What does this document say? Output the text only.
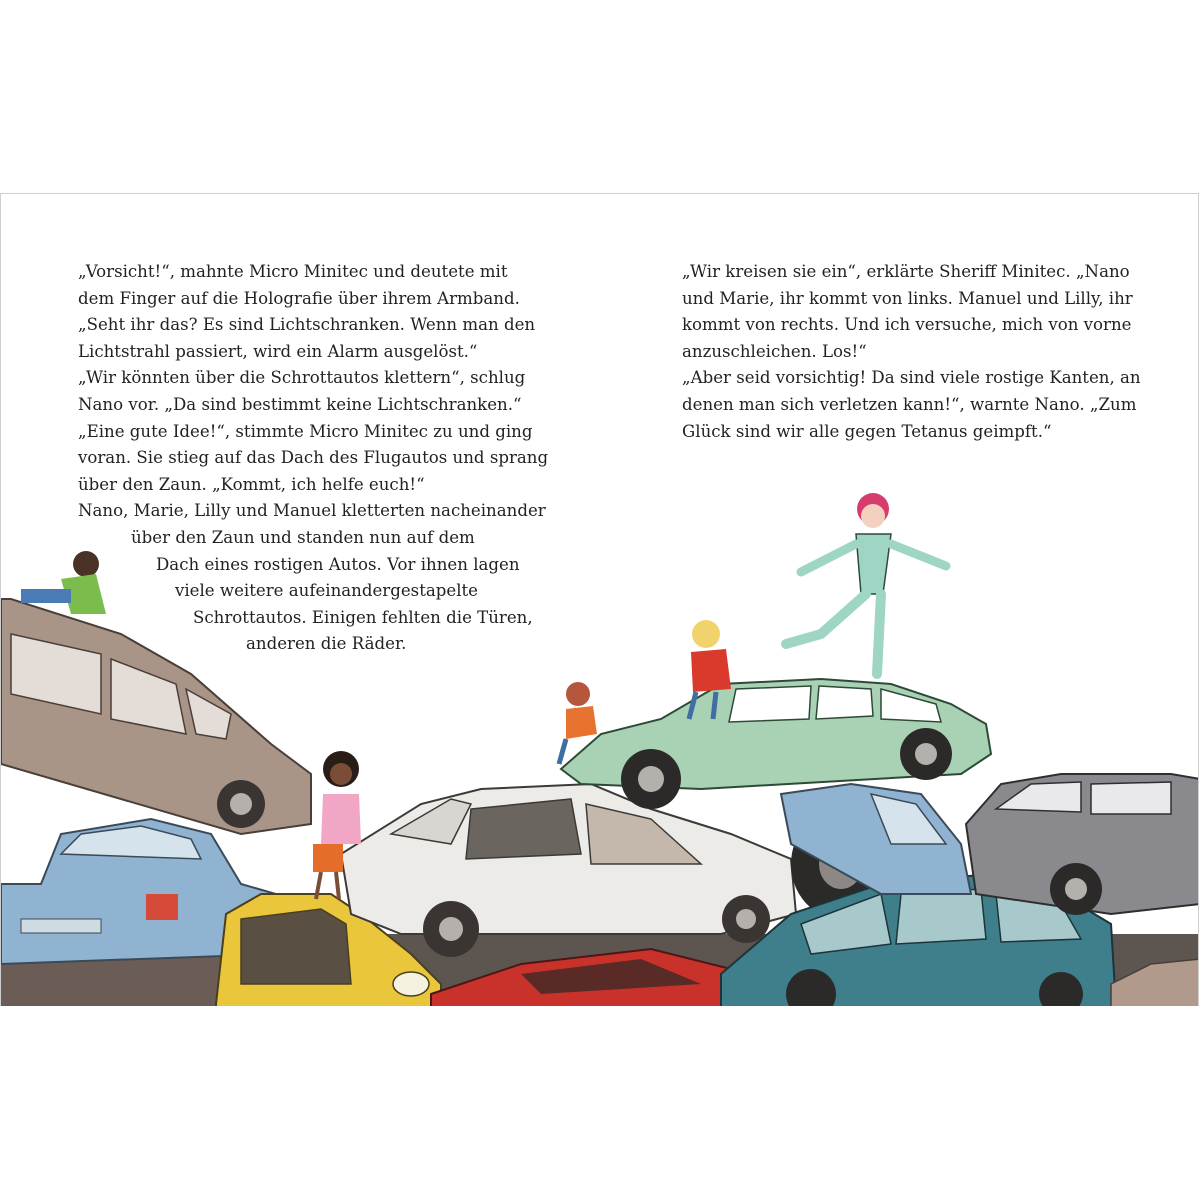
„Vorsicht!“, mahnte Micro Minitec und deutete mit
dem Finger auf die Holografie über ihrem Armband.
„Seht ihr das? Es sind Lichtschranken. Wenn man den
Lichtstrahl passiert, wird ein Alarm ausgelöst.“
„Wir könnten über die Schrottautos klettern“, schlug
Nano vor. „Da sind bestimmt keine Lichtschranken.“
„Eine gute Idee!“, stimmte Micro Minitec zu und ging
voran. Sie stieg auf das Dach des Flugautos und sprang
über den Zaun. „Kommt, ich helfe euch!“
Nano, Marie, Lilly und Manuel kletterten nacheinander
über den Zaun und standen nun auf dem
Dach eines rostigen Autos. Vor ihnen lagen
viele weitere aufeinandergestapelte
Schrottautos. Einigen fehlten die Türen,
anderen die Räder.
„Wir kreisen sie ein“, erklärte Sheriff Minitec. „Nano
und Marie, ihr kommt von links. Manuel und Lilly, ihr
kommt von rechts. Und ich versuche, mich von vorne
anzuschleichen. Los!“
„Aber seid vorsichtig! Da sind viele rostige Kanten, an
denen man sich verletzen kann!“, warnte Nano. „Zum
Glück sind wir alle gegen Tetanus geimpft.“
